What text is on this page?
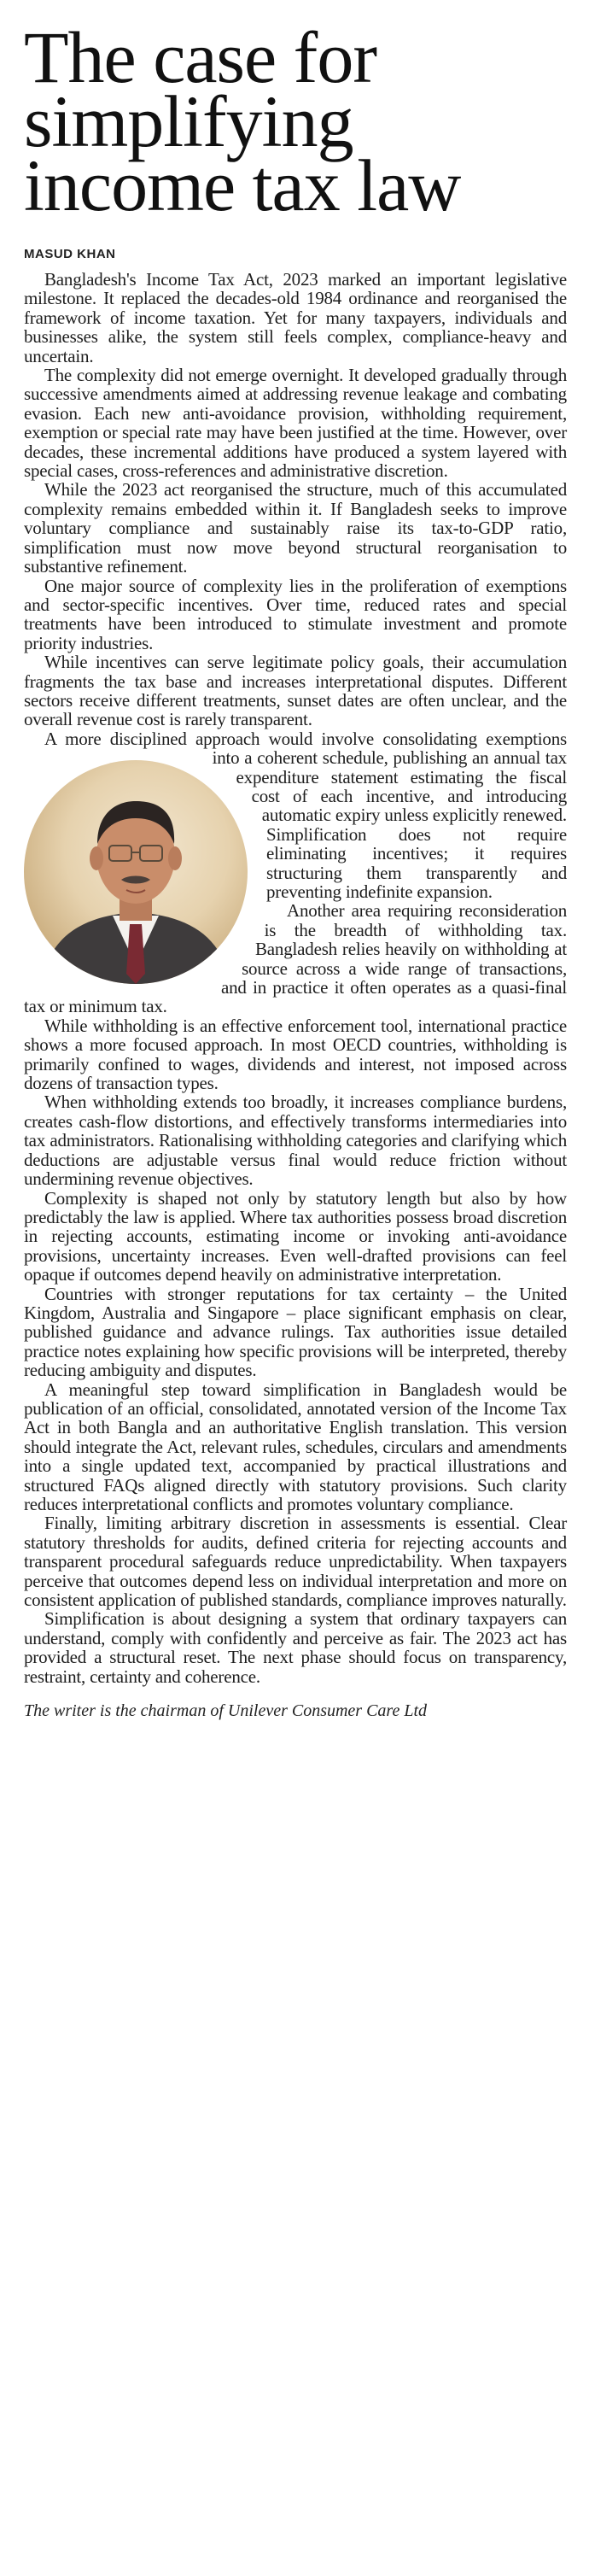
The case for
simplifying
income tax law
MASUD KHAN

Bangladesh's Income Tax Act, 2023 marked an important legislative milestone. It replaced the decades-old 1984 ordinance and reorganised the framework of income taxation. Yet for many taxpayers, individuals and businesses alike, the system still feels complex, compliance-heavy and uncertain.

The complexity did not emerge overnight. It developed gradually through successive amendments aimed at addressing revenue leakage and combating evasion. Each new anti-avoidance provision, withholding requirement, exemption or special rate may have been justified at the time. However, over decades, these incremental additions have produced a system layered with special cases, cross-references and administrative discretion.

While the 2023 act reorganised the structure, much of this accumulated complexity remains embedded within it. If Bangladesh seeks to improve voluntary compliance and sustainably raise its tax-to-GDP ratio, simplification must now move beyond structural reorganisation to substantive refinement.

One major source of complexity lies in the proliferation of exemptions and sector-specific incentives. Over time, reduced rates and special treatments have been introduced to stimulate investment and promote priority industries.

While incentives can serve legitimate policy goals, their accumulation fragments the tax base and increases interpretational disputes. Different sectors receive different treatments, sunset dates are often unclear, and the overall revenue cost is rarely transparent.

A more disciplined approach would involve consolidating exemptions into a coherent schedule, publishing an annual tax expenditure statement estimating the fiscal cost of each incentive, and introducing automatic expiry unless explicitly renewed. Simplification does not require eliminating incentives; it requires structuring them transparently and preventing indefinite expansion.

Another area requiring reconsideration is the breadth of withholding tax. Bangladesh relies heavily on withholding at source across a wide range of transactions, and in practice it often operates as a quasi-final tax or minimum tax.

While withholding is an effective enforcement tool, international practice shows a more focused approach. In most OECD countries, withholding is primarily confined to wages, dividends and interest, not imposed across dozens of transaction types.

When withholding extends too broadly, it increases compliance burdens, creates cash-flow distortions, and effectively transforms intermediaries into tax administrators. Rationalising withholding categories and clarifying which deductions are adjustable versus final would reduce friction without undermining revenue objectives.

Complexity is shaped not only by statutory length but also by how predictably the law is applied. Where tax authorities possess broad discretion in rejecting accounts, estimating income or invoking anti-avoidance provisions, uncertainty increases. Even well-drafted provisions can feel opaque if outcomes depend heavily on administrative interpretation.

Countries with stronger reputations for tax certainty – the United Kingdom, Australia and Singapore – place significant emphasis on clear, published guidance and advance rulings. Tax authorities issue detailed practice notes explaining how specific provisions will be interpreted, thereby reducing ambiguity and disputes.

A meaningful step toward simplification in Bangladesh would be publication of an official, consolidated, annotated version of the Income Tax Act in both Bangla and an authoritative English translation. This version should integrate the Act, relevant rules, schedules, circulars and amendments into a single updated text, accompanied by practical illustrations and structured FAQs aligned directly with statutory provisions. Such clarity reduces interpretational conflicts and promotes voluntary compliance.

Finally, limiting arbitrary discretion in assessments is essential. Clear statutory thresholds for audits, defined criteria for rejecting accounts and transparent procedural safeguards reduce unpredictability. When taxpayers perceive that outcomes depend less on individual interpretation and more on consistent application of published standards, compliance improves naturally.

Simplification is about designing a system that ordinary taxpayers can understand, comply with confidently and perceive as fair. The 2023 act has provided a structural reset. The next phase should focus on transparency, restraint, certainty and coherence.

The writer is the chairman of Unilever Consumer Care Ltd
